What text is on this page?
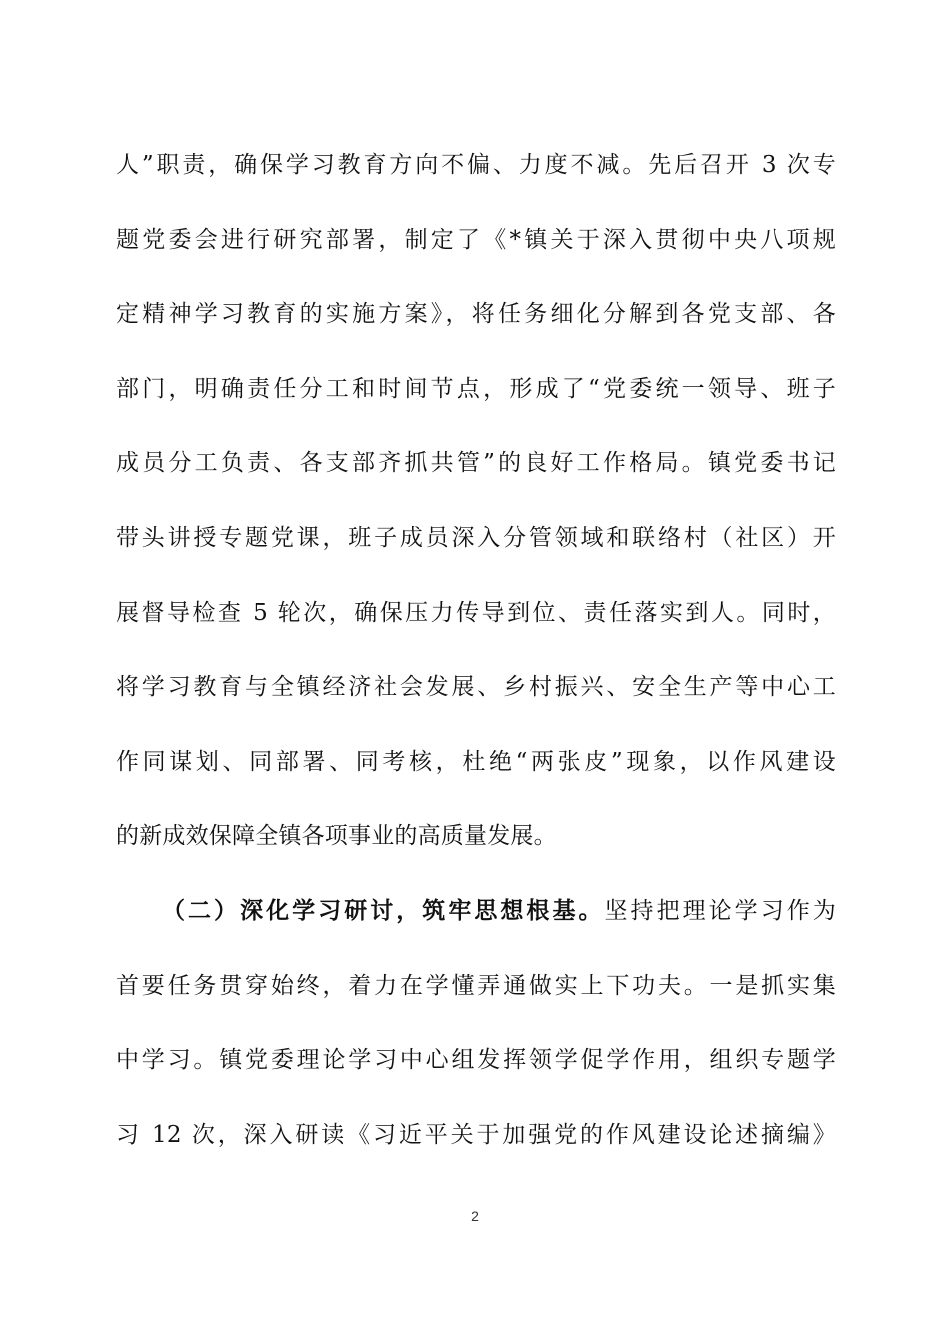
人”职责，确保学习教育方向不偏、力度不减。先后召开 3 次专
题党委会进行研究部署，制定了《*镇关于深入贯彻中央八项规
定精神学习教育的实施方案》，将任务细化分解到各党支部、各
部门，明确责任分工和时间节点，形成了“党委统一领导、班子
成员分工负责、各支部齐抓共管”的良好工作格局。镇党委书记
带头讲授专题党课，班子成员深入分管领域和联络村（社区）开
展督导检查 5 轮次，确保压力传导到位、责任落实到人。同时，
将学习教育与全镇经济社会发展、乡村振兴、安全生产等中心工
作同谋划、同部署、同考核，杜绝“两张皮”现象，以作风建设
的新成效保障全镇各项事业的高质量发展。
（二）深化学习研讨，筑牢思想根基。坚持把理论学习作为
首要任务贯穿始终，着力在学懂弄通做实上下功夫。一是抓实集
中学习。镇党委理论学习中心组发挥领学促学作用，组织专题学
习 12 次，深入研读《习近平关于加强党的作风建设论述摘编》
2
